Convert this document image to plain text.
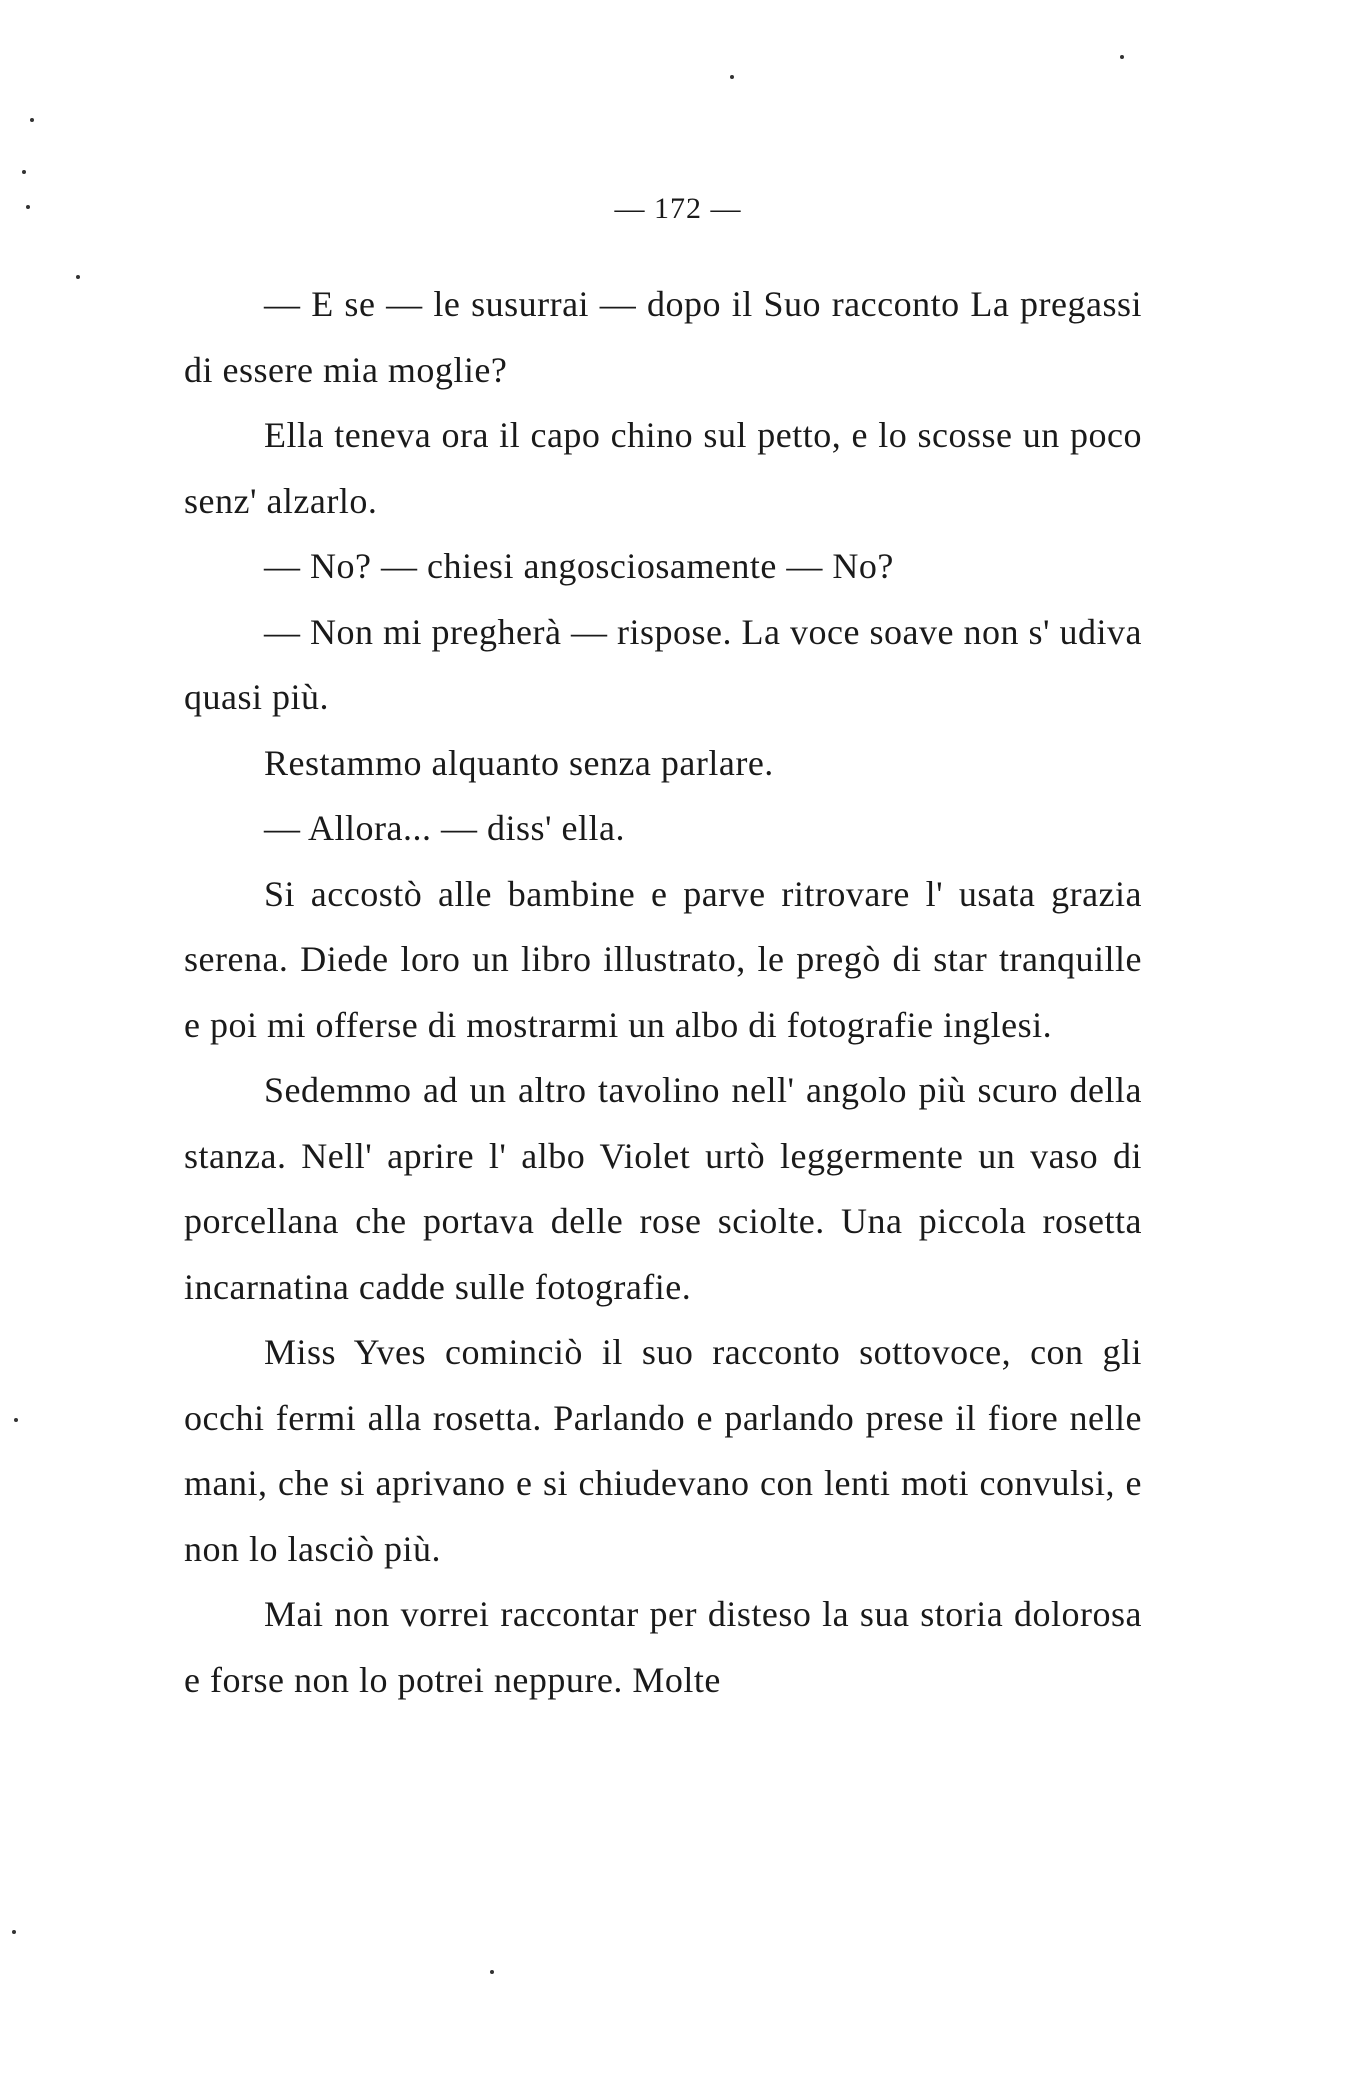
— 172 —

— E se — le susurrai — dopo il Suo racconto La pregassi di essere mia moglie?

Ella teneva ora il capo chino sul petto, e lo scosse un poco senz' alzarlo.

— No? — chiesi angosciosamente — No?

— Non mi pregherà — rispose. La voce soave non s' udiva quasi più.

Restammo alquanto senza parlare.

— Allora... — diss' ella.

Si accostò alle bambine e parve ritrovare l' usata grazia serena. Diede loro un libro illustrato, le pregò di star tranquille e poi mi offerse di mostrarmi un albo di fotografie inglesi.

Sedemmo ad un altro tavolino nell' angolo più scuro della stanza. Nell' aprire l' albo Violet urtò leggermente un vaso di porcellana che portava delle rose sciolte. Una piccola rosetta incarnatina cadde sulle fotografie.

Miss Yves cominciò il suo racconto sottovoce, con gli occhi fermi alla rosetta. Parlando e parlando prese il fiore nelle mani, che si aprivano e si chiudevano con lenti moti convulsi, e non lo lasciò più.

Mai non vorrei raccontar per disteso la sua storia dolorosa e forse non lo potrei neppure. Molte
